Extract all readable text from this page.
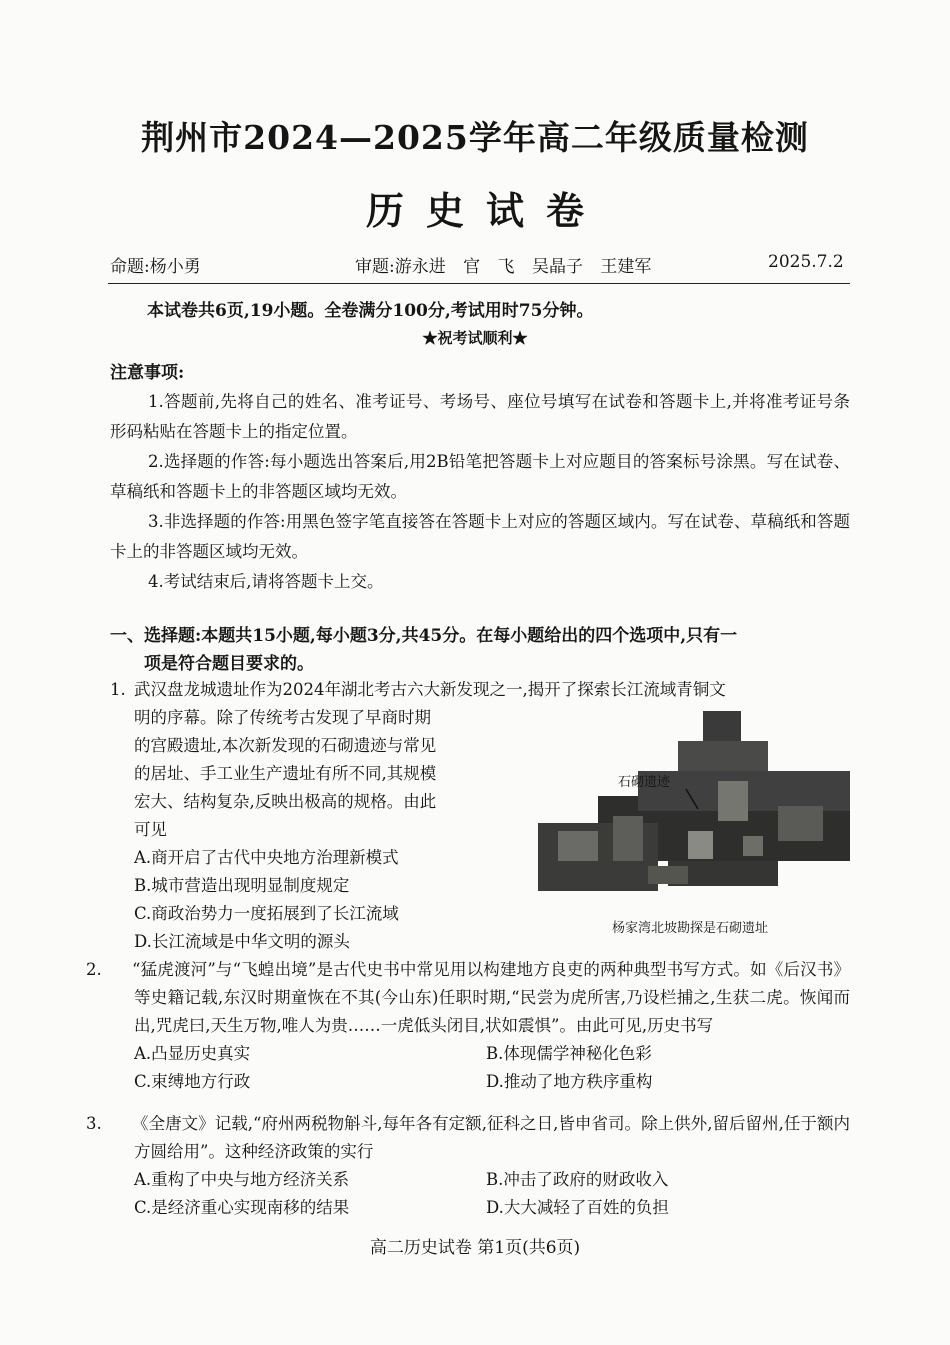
荆州市2024—2025学年高二年级质量检测
历史试卷
命题:杨小勇	审题:游永进 官 飞 吴晶子 王建军	2025.7.2
本试卷共6页,19小题。全卷满分100分,考试用时75分钟。
★祝考试顺利★
注意事项:

1.答题前,先将自己的姓名、准考证号、考场号、座位号填写在试卷和答题卡上,并将准考证号条形码粘贴在答题卡上的指定位置。

2.选择题的作答:每小题选出答案后,用2B铅笔把答题卡上对应题目的答案标号涂黑。写在试卷、草稿纸和答题卡上的非答题区域均无效。

3.非选择题的作答:用黑色签字笔直接答在答题卡上对应的答题区域内。写在试卷、草稿纸和答题卡上的非答题区域均无效。

4.考试结束后,请将答题卡上交。

一、选择题:本题共15小题,每小题3分,共45分。在每小题给出的四个选项中,只有一
项是符合题目要求的。
1. 武汉盘龙城遗址作为2024年湖北考古六大新发现之一,揭开了探索长江流域青铜文
明的序幕。除了传统考古发现了早商时期
的宫殿遗址,本次新发现的石砌遗迹与常见
的居址、手工业生产遗址有所不同,其规模
宏大、结构复杂,反映出极高的规格。由此
可见
A.商开启了古代中央地方治理新模式
B.城市营造出现明显制度规定
C.商政治势力一度拓展到了长江流域
D.长江流域是中华文明的源头
石砌遗迹
杨家湾北坡勘探是石砌遗址
2. “猛虎渡河”与“飞蝗出境”是古代史书中常见用以构建地方良吏的两种典型书写方式。如《后汉书》等史籍记载,东汉时期童恢在不其(今山东)任职时期,“民尝为虎所害,乃设栏捕之,生获二虎。恢闻而出,咒虎曰,天生万物,唯人为贵……一虎低头闭目,状如震惧”。由此可见,历史书写
A.凸显历史真实	B.体现儒学神秘化色彩
C.束缚地方行政	D.推动了地方秩序重构
3. 《全唐文》记载,“府州两税物斛斗,每年各有定额,征科之日,皆申省司。除上供外,留后留州,任于额内方圆给用”。这种经济政策的实行
A.重构了中央与地方经济关系	B.冲击了政府的财政收入
C.是经济重心实现南移的结果	D.大大减轻了百姓的负担
高二历史试卷 第1页(共6页)
